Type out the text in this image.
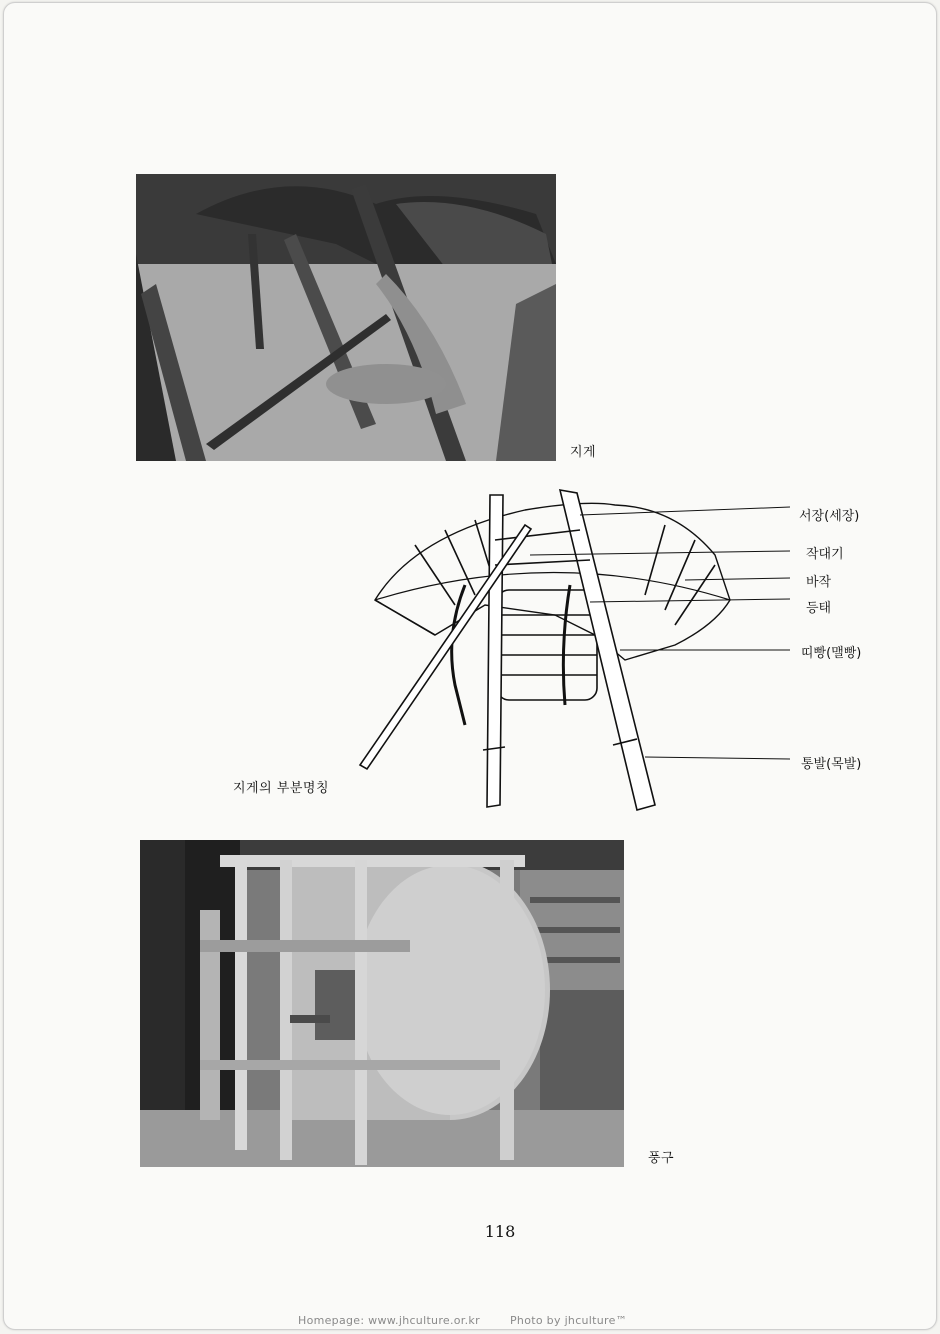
지게
서장(세장)
작대기
바작
등태
띠빵(맬빵)
통발(목발)
지게의 부분명칭
풍구
118
Homepage: www.jhculture.or.kr	Photo by jhculture™
